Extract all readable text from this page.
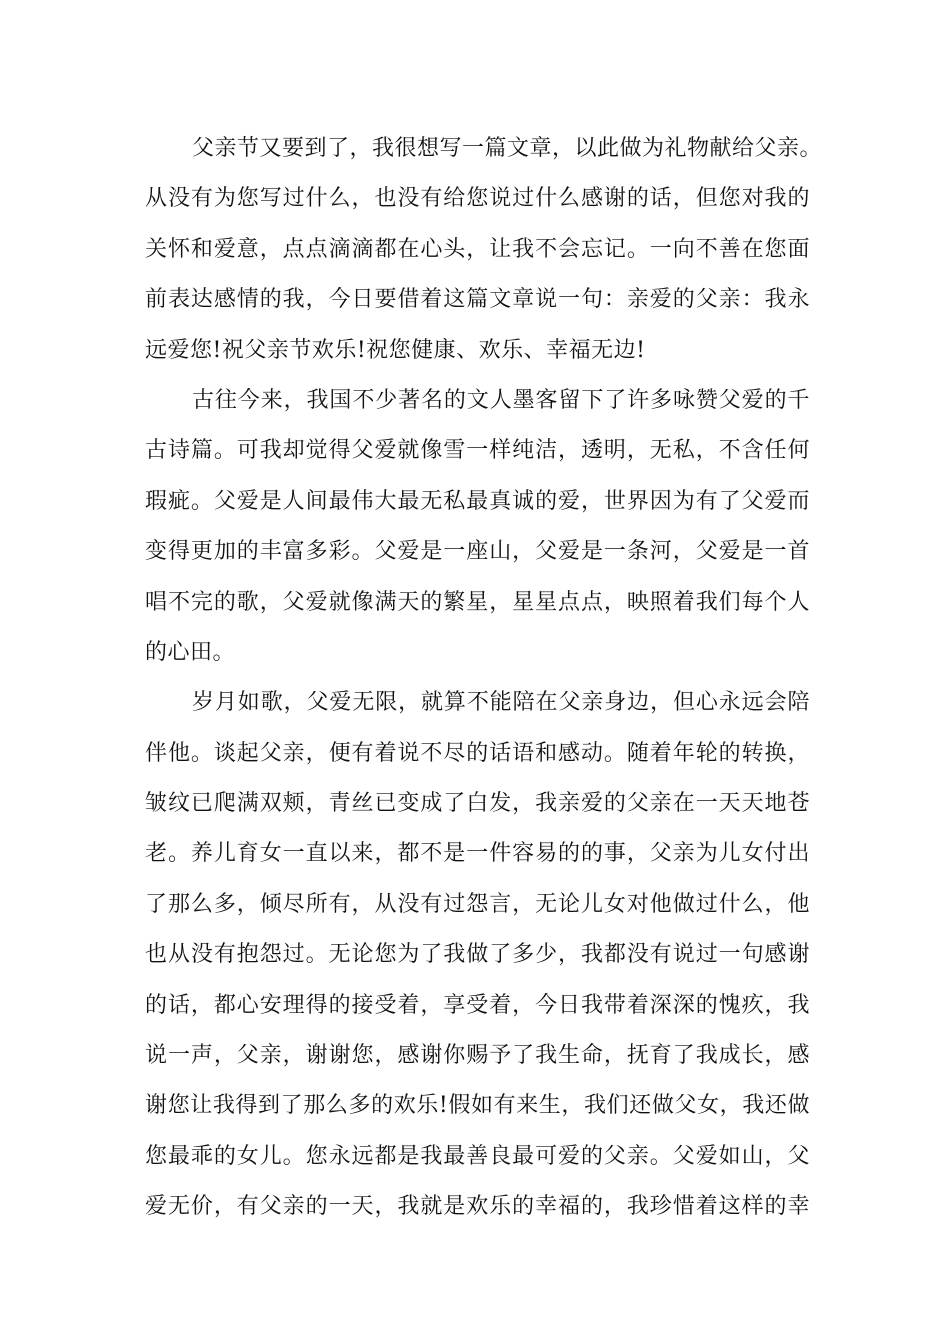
父亲节又要到了，我很想写一篇文章，以此做为礼物献给父亲。
从没有为您写过什么，也没有给您说过什么感谢的话，但您对我的
关怀和爱意，点点滴滴都在心头，让我不会忘记。一向不善在您面
前表达感情的我，今日要借着这篇文章说一句：亲爱的父亲：我永
远爱您!祝父亲节欢乐!祝您健康、欢乐、幸福无边!
古往今来，我国不少著名的文人墨客留下了许多咏赞父爱的千
古诗篇。可我却觉得父爱就像雪一样纯洁，透明，无私，不含任何
瑕疵。父爱是人间最伟大最无私最真诚的爱，世界因为有了父爱而
变得更加的丰富多彩。父爱是一座山，父爱是一条河，父爱是一首
唱不完的歌，父爱就像满天的繁星，星星点点，映照着我们每个人
的心田。
岁月如歌，父爱无限，就算不能陪在父亲身边，但心永远会陪
伴他。谈起父亲，便有着说不尽的话语和感动。随着年轮的转换，
皱纹已爬满双颊，青丝已变成了白发，我亲爱的父亲在一天天地苍
老。养儿育女一直以来，都不是一件容易的的事，父亲为儿女付出
了那么多，倾尽所有，从没有过怨言，无论儿女对他做过什么，他
也从没有抱怨过。无论您为了我做了多少，我都没有说过一句感谢
的话，都心安理得的接受着，享受着，今日我带着深深的愧疚，我
说一声，父亲，谢谢您，感谢你赐予了我生命，抚育了我成长，感
谢您让我得到了那么多的欢乐!假如有来生，我们还做父女，我还做
您最乖的女儿。您永远都是我最善良最可爱的父亲。父爱如山，父
爱无价，有父亲的一天，我就是欢乐的幸福的，我珍惜着这样的幸
